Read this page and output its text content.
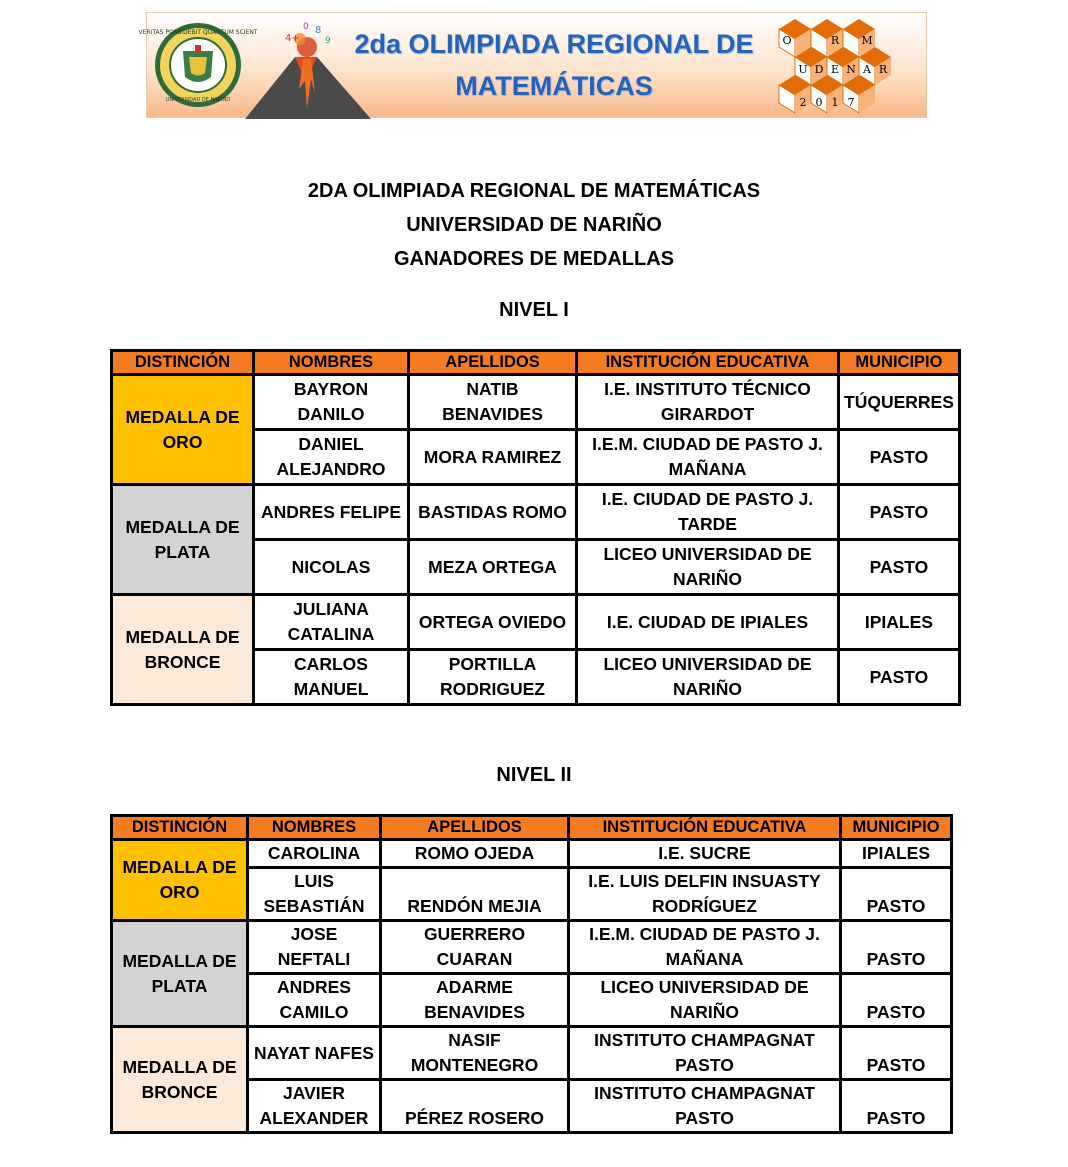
VERITAS POSSIDEBIT QUANTUM SCIENT
UNIVERSIDAD DE NARIÑO
4+
8
9
0
2da OLIMPIADA REGIONAL DE
MATEMÁTICAS
O	R M
U D E N A R
2 0 1 7
2DA OLIMPIADA REGIONAL DE MATEMÁTICAS
UNIVERSIDAD DE NARIÑO
GANADORES DE MEDALLAS
NIVEL I
DISTINCIÓN	NOMBRES	APELLIDOS	INSTITUCIÓN EDUCATIVA	MUNICIPIO
MEDALLA DE ORO	BAYRON DANILO	NATIB BENAVIDES	I.E. INSTITUTO TÉCNICO GIRARDOT	TÚQUERRES
	DANIEL ALEJANDRO	MORA RAMIREZ	I.E.M. CIUDAD DE PASTO J. MAÑANA	PASTO
MEDALLA DE PLATA	ANDRES FELIPE	BASTIDAS ROMO	I.E. CIUDAD DE PASTO J. TARDE	PASTO
	NICOLAS	MEZA ORTEGA	LICEO UNIVERSIDAD DE NARIÑO	PASTO
MEDALLA DE BRONCE	JULIANA CATALINA	ORTEGA OVIEDO	I.E. CIUDAD DE IPIALES	IPIALES
	CARLOS MANUEL	PORTILLA RODRIGUEZ	LICEO UNIVERSIDAD DE NARIÑO	PASTO
NIVEL II
DISTINCIÓN	NOMBRES	APELLIDOS	INSTITUCIÓN EDUCATIVA	MUNICIPIO
MEDALLA DE ORO	CAROLINA	ROMO OJEDA	I.E. SUCRE	IPIALES
	LUIS SEBASTIÁN	RENDÓN MEJIA	I.E. LUIS DELFIN INSUASTY RODRÍGUEZ	PASTO
MEDALLA DE PLATA	JOSE NEFTALI	GUERRERO CUARAN	I.E.M. CIUDAD DE PASTO J. MAÑANA	PASTO
	ANDRES CAMILO	ADARME BENAVIDES	LICEO UNIVERSIDAD DE NARIÑO	PASTO
MEDALLA DE BRONCE	NAYAT NAFES	NASIF MONTENEGRO	INSTITUTO CHAMPAGNAT PASTO	PASTO
	JAVIER ALEXANDER	PÉREZ ROSERO	INSTITUTO CHAMPAGNAT PASTO	PASTO
